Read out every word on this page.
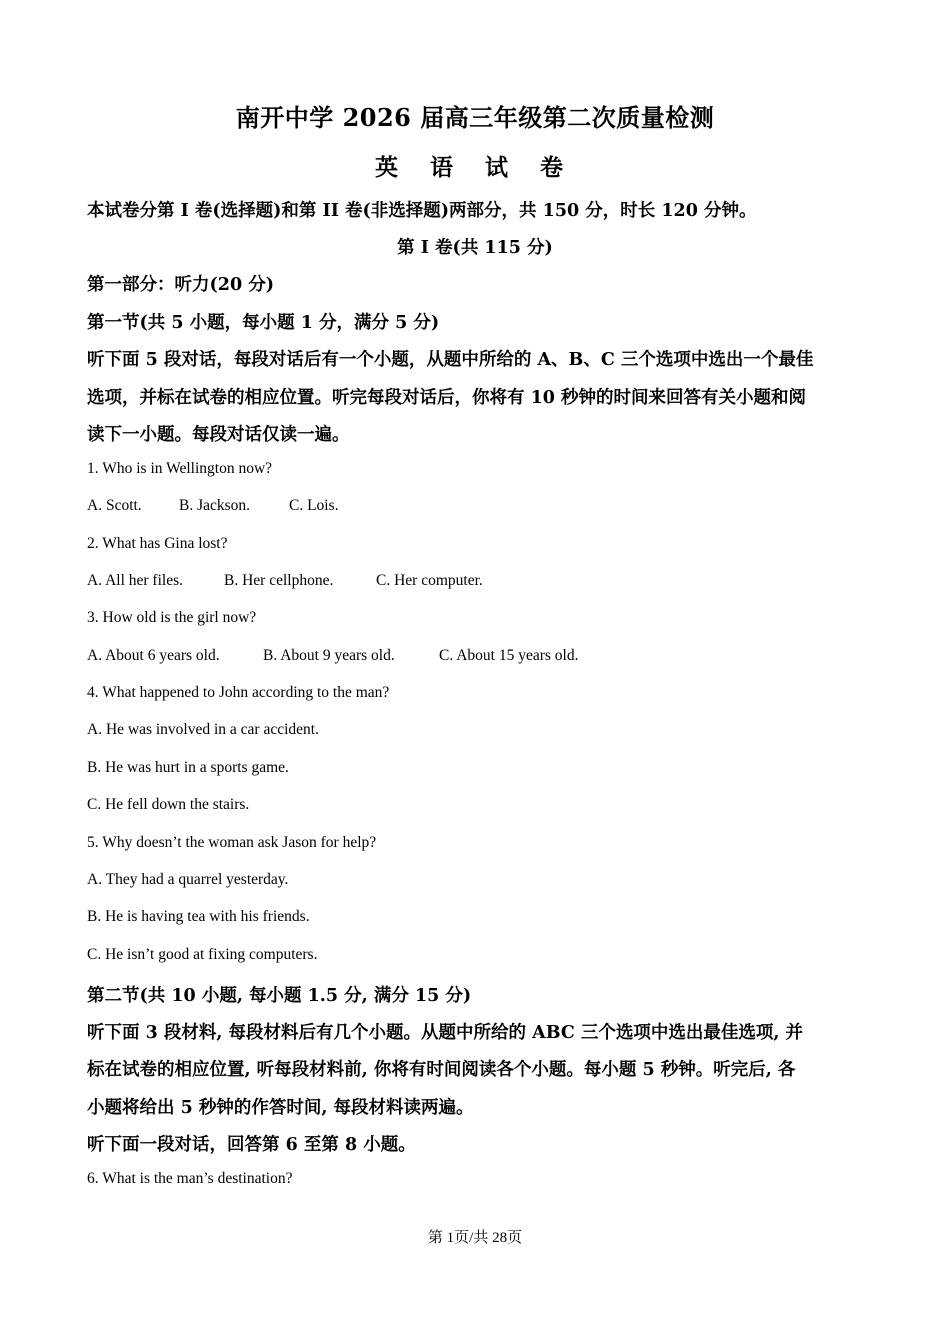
南开中学 2026 届高三年级第二次质量检测
英 语 试 卷
本试卷分第 I 卷(选择题)和第 II 卷(非选择题)两部分，共 150 分，时长 120 分钟。
第 I 卷(共 115 分)
第一部分：听力(20 分)
第一节(共 5 小题，每小题 1 分，满分 5 分)
听下面 5 段对话，每段对话后有一个小题，从题中所给的 A、B、C 三个选项中选出一个最佳
选项，并标在试卷的相应位置。听完每段对话后，你将有 10 秒钟的时间来回答有关小题和阅
读下一小题。每段对话仅读一遍。
1. Who is in Wellington now?
A. Scott. B. Jackson.	C. Lois.
2. What has Gina lost?
A. All her files.	B. Her cellphone.	C. Her computer.
3. How old is the girl now?
A. About 6 years old.	B. About 9 years old.	C. About 15 years old.
4. What happened to John according to the man?
A. He was involved in a car accident.
B. He was hurt in a sports game.
C. He fell down the stairs.
5. Why doesn’t the woman ask Jason for help?
A. They had a quarrel yesterday.
B. He is having tea with his friends.
C. He isn’t good at fixing computers.
第二节(共 10 小题, 每小题 1.5 分, 满分 15 分)
听下面 3 段材料, 每段材料后有几个小题。从题中所给的 ABC 三个选项中选出最佳选项, 并
标在试卷的相应位置, 听每段材料前, 你将有时间阅读各个小题。每小题 5 秒钟。听完后, 各
小题将给出 5 秒钟的作答时间, 每段材料读两遍。
听下面一段对话，回答第 6 至第 8 小题。
6. What is the man’s destination?
第 1页/共 28页
